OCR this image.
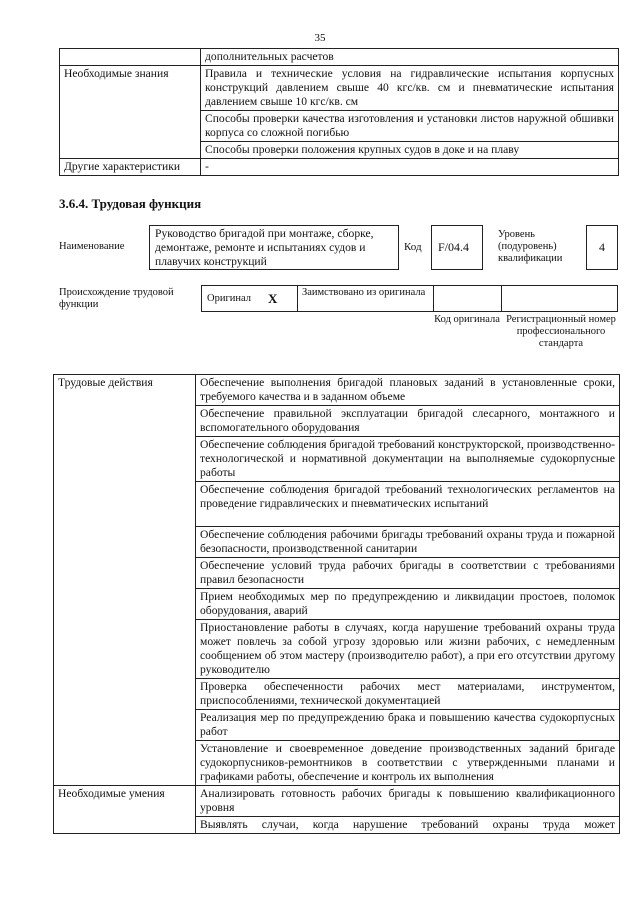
35
	дополнительных расчетов
Необходимые знания	Правила и технические условия на гидравлические испытания корпусных конструкций давлением свыше 40 кгс/кв. см и пневматические испытания давлением свыше 10 кгс/кв. см
	Способы проверки качества изготовления и установки листов наружной обшивки корпуса со сложной погибью
	Способы проверки положения крупных судов в доке и на плаву
Другие характеристики	-
3.6.4. Трудовая функция
Наименование
Руководство бригадой при монтаже, сборке, демонтаже, ремонте и испытаниях судов и плавучих конструкций
Код	F/04.4
Уровень (подуровень) квалификации
4
Происхождение трудовой функции
Оригинал X Заимствовано из оригинала
Код оригинала Регистрационный номер профессионального стандарта
Трудовые действия	Обеспечение выполнения бригадой плановых заданий в установленные сроки, требуемого качества и в заданном объеме
	Обеспечение правильной эксплуатации бригадой слесарного, монтажного и вспомогательного оборудования
	Обеспечение соблюдения бригадой требований конструкторской, производственно-технологической и нормативной документации на выполняемые судокорпусные работы
	Обеспечение соблюдения бригадой требований технологических регламентов на проведение гидравлических и пневматических испытаний
	Обеспечение соблюдения рабочими бригады требований охраны труда и пожарной безопасности, производственной санитарии
	Обеспечение условий труда рабочих бригады в соответствии с требованиями правил безопасности
	Прием необходимых мер по предупреждению и ликвидации простоев, поломок оборудования, аварий
	Приостановление работы в случаях, когда нарушение требований охраны труда может повлечь за собой угрозу здоровью или жизни рабочих, с немедленным сообщением об этом мастеру (производителю работ), а при его отсутствии другому руководителю
	Проверка обеспеченности рабочих мест материалами, инструментом, приспособлениями, технической документацией
	Реализация мер по предупреждению брака и повышению качества судокорпусных работ
	Установление и своевременное доведение производственных заданий бригаде судокорпусников-ремонтников в соответствии с утвержденными планами и графиками работы, обеспечение и контроль их выполнения
Необходимые умения	Анализировать готовность рабочих бригады к повышению квалификационного уровня
	Выявлять случаи, когда нарушение требований охраны труда может
